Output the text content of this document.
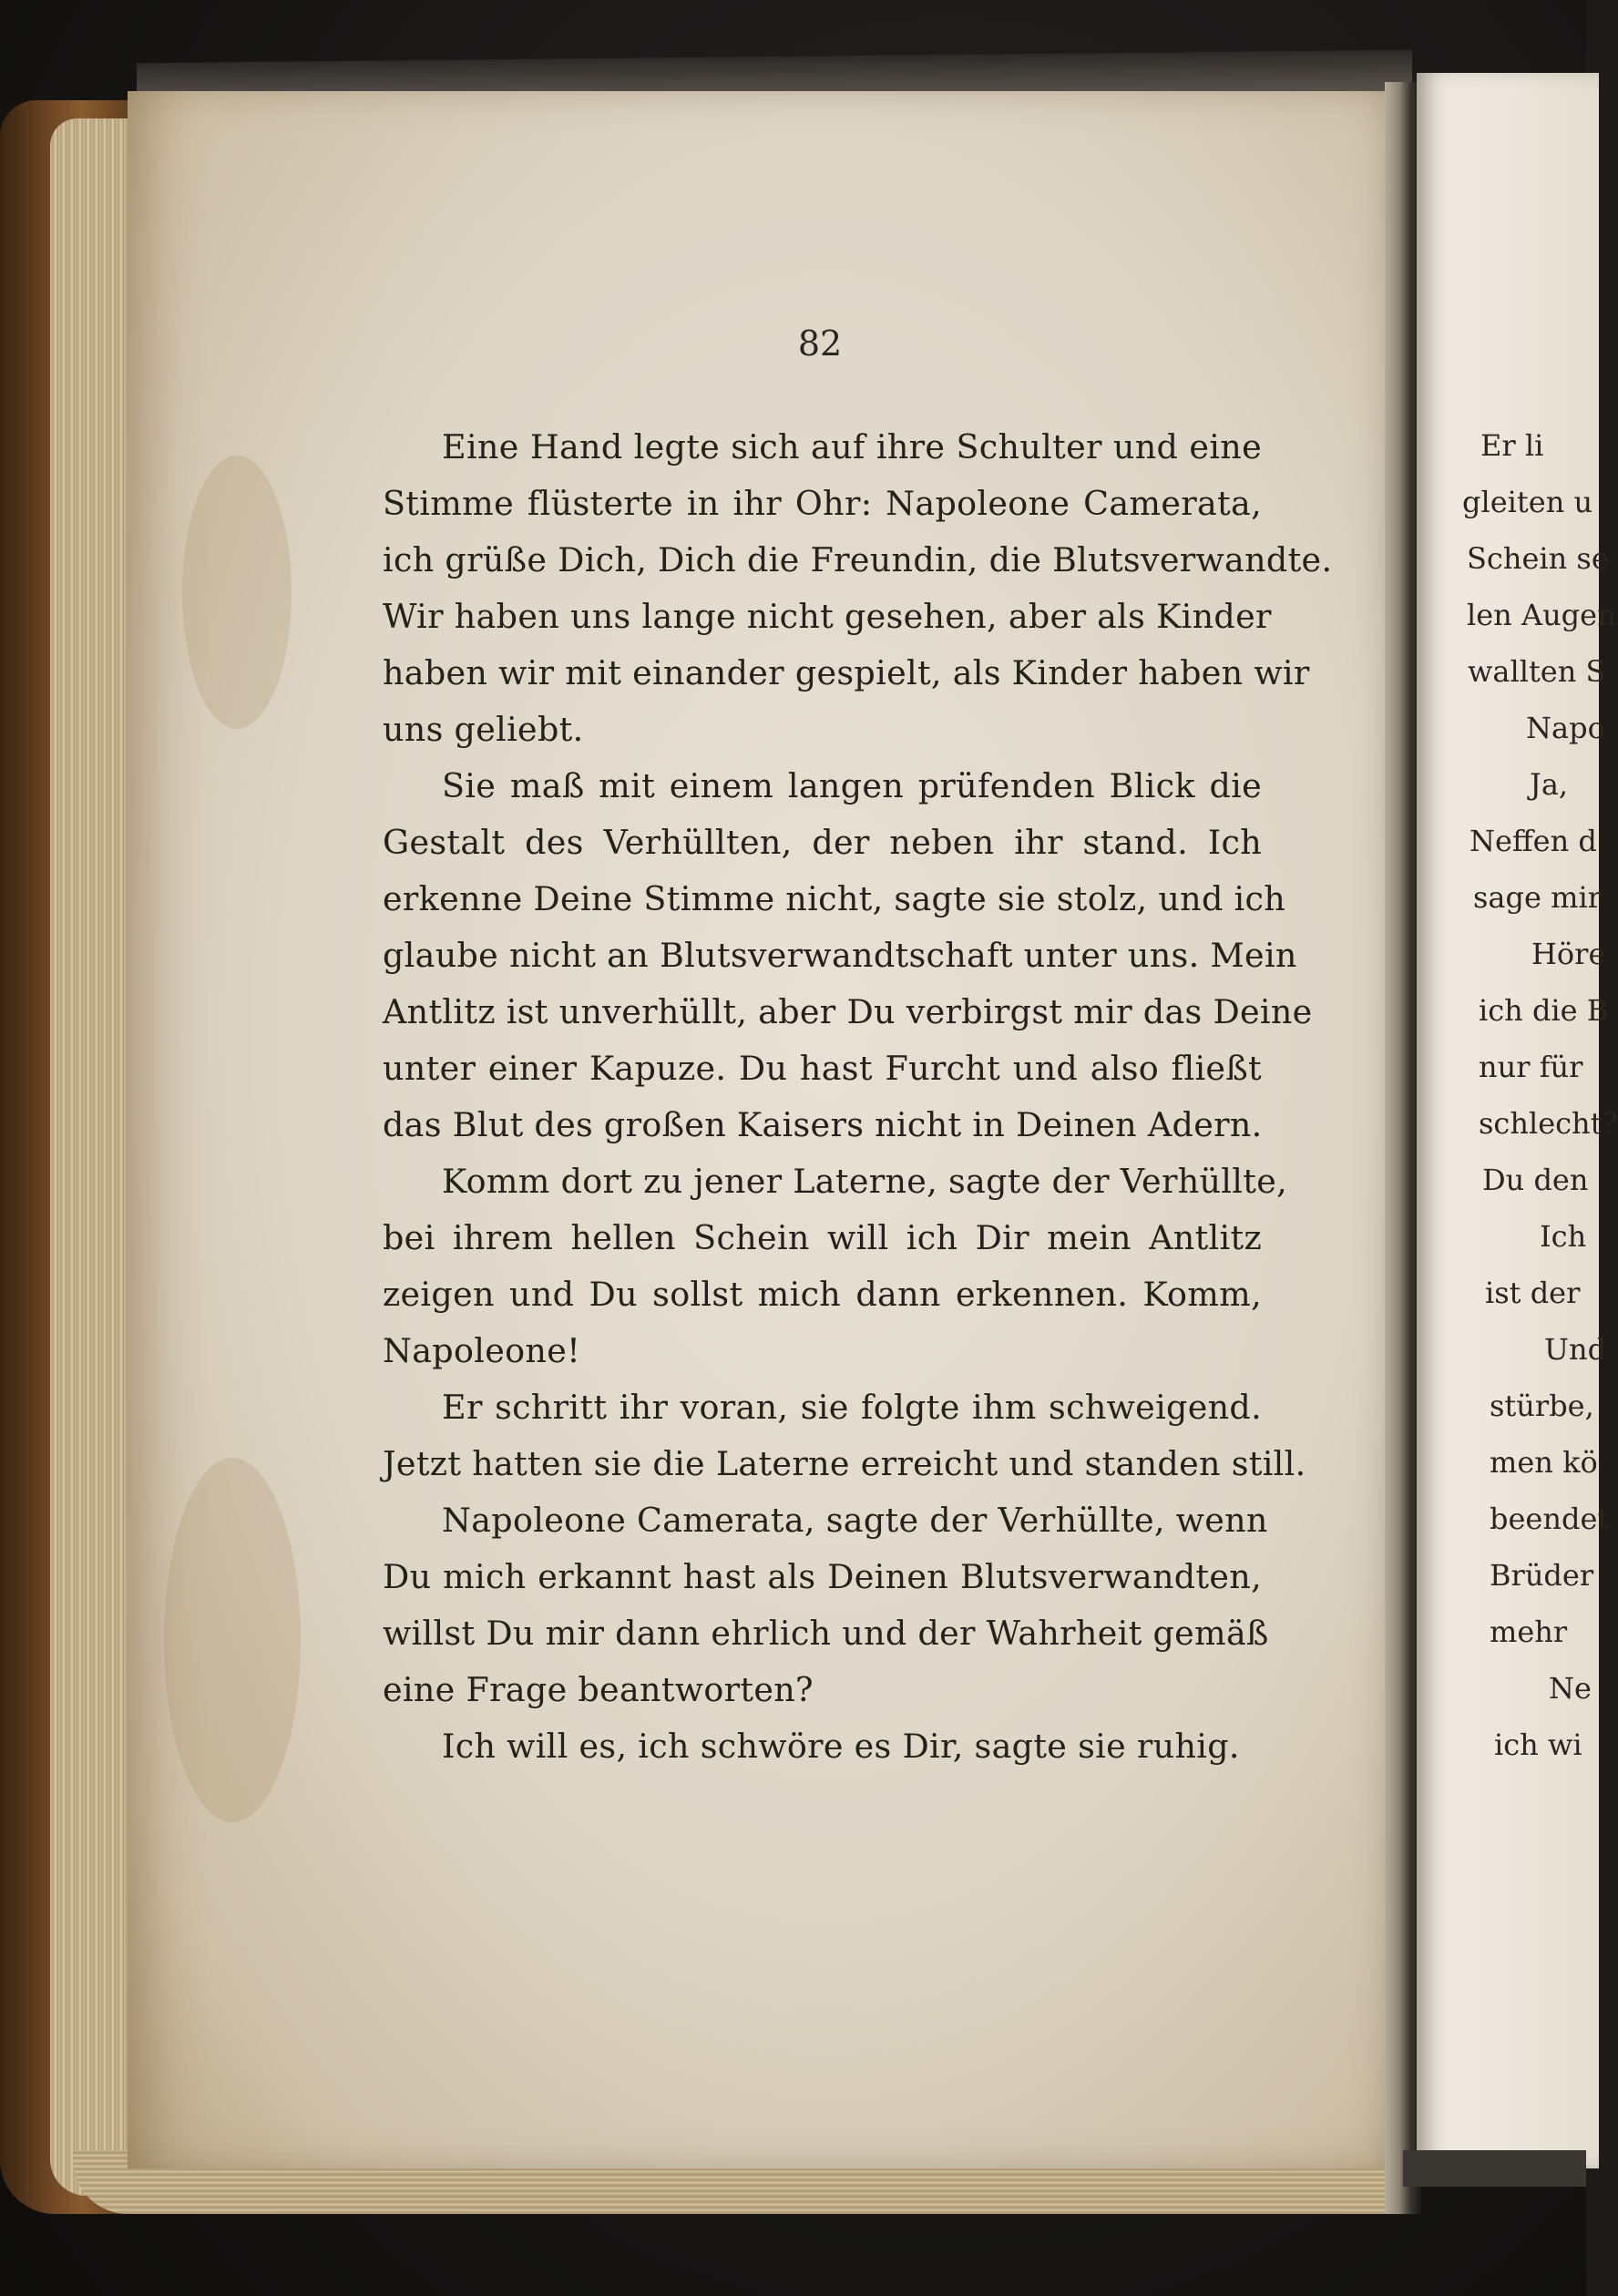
82
Eine Hand legte sich auf ihre Schulter und eine
Stimme flüsterte in ihr Ohr: Napoleone Camerata,
ich grüße Dich, Dich die Freundin, die Blutsverwandte.
Wir haben uns lange nicht gesehen, aber als Kinder
haben wir mit einander gespielt, als Kinder haben wir
uns geliebt.
Sie maß mit einem langen prüfenden Blick die
Gestalt des Verhüllten, der neben ihr stand. Ich
erkenne Deine Stimme nicht, sagte sie stolz, und ich
glaube nicht an Blutsverwandtschaft unter uns. Mein
Antlitz ist unverhüllt, aber Du verbirgst mir das Deine
unter einer Kapuze. Du hast Furcht und also fließt
das Blut des großen Kaisers nicht in Deinen Adern.
Komm dort zu jener Laterne, sagte der Verhüllte,
bei ihrem hellen Schein will ich Dir mein Antlitz
zeigen und Du sollst mich dann erkennen. Komm,
Napoleone!
Er schritt ihr voran, sie folgte ihm schweigend.
Jetzt hatten sie die Laterne erreicht und standen still.
Napoleone Camerata, sagte der Verhüllte, wenn
Du mich erkannt hast als Deinen Blutsverwandten,
willst Du mir dann ehrlich und der Wahrheit gemäß
eine Frage beantworten?
Ich will es, ich schwöre es Dir, sagte sie ruhig.
Er li
gleiten u
Schein se
len Augen
wallten S
Napo
Ja,
Neffen d
sage mir
Höre
ich die B
nur für
schlecht?
Du den
Ich
ist der
Und
stürbe,
men kö
beendet
Brüder
mehr
Ne
ich wi
